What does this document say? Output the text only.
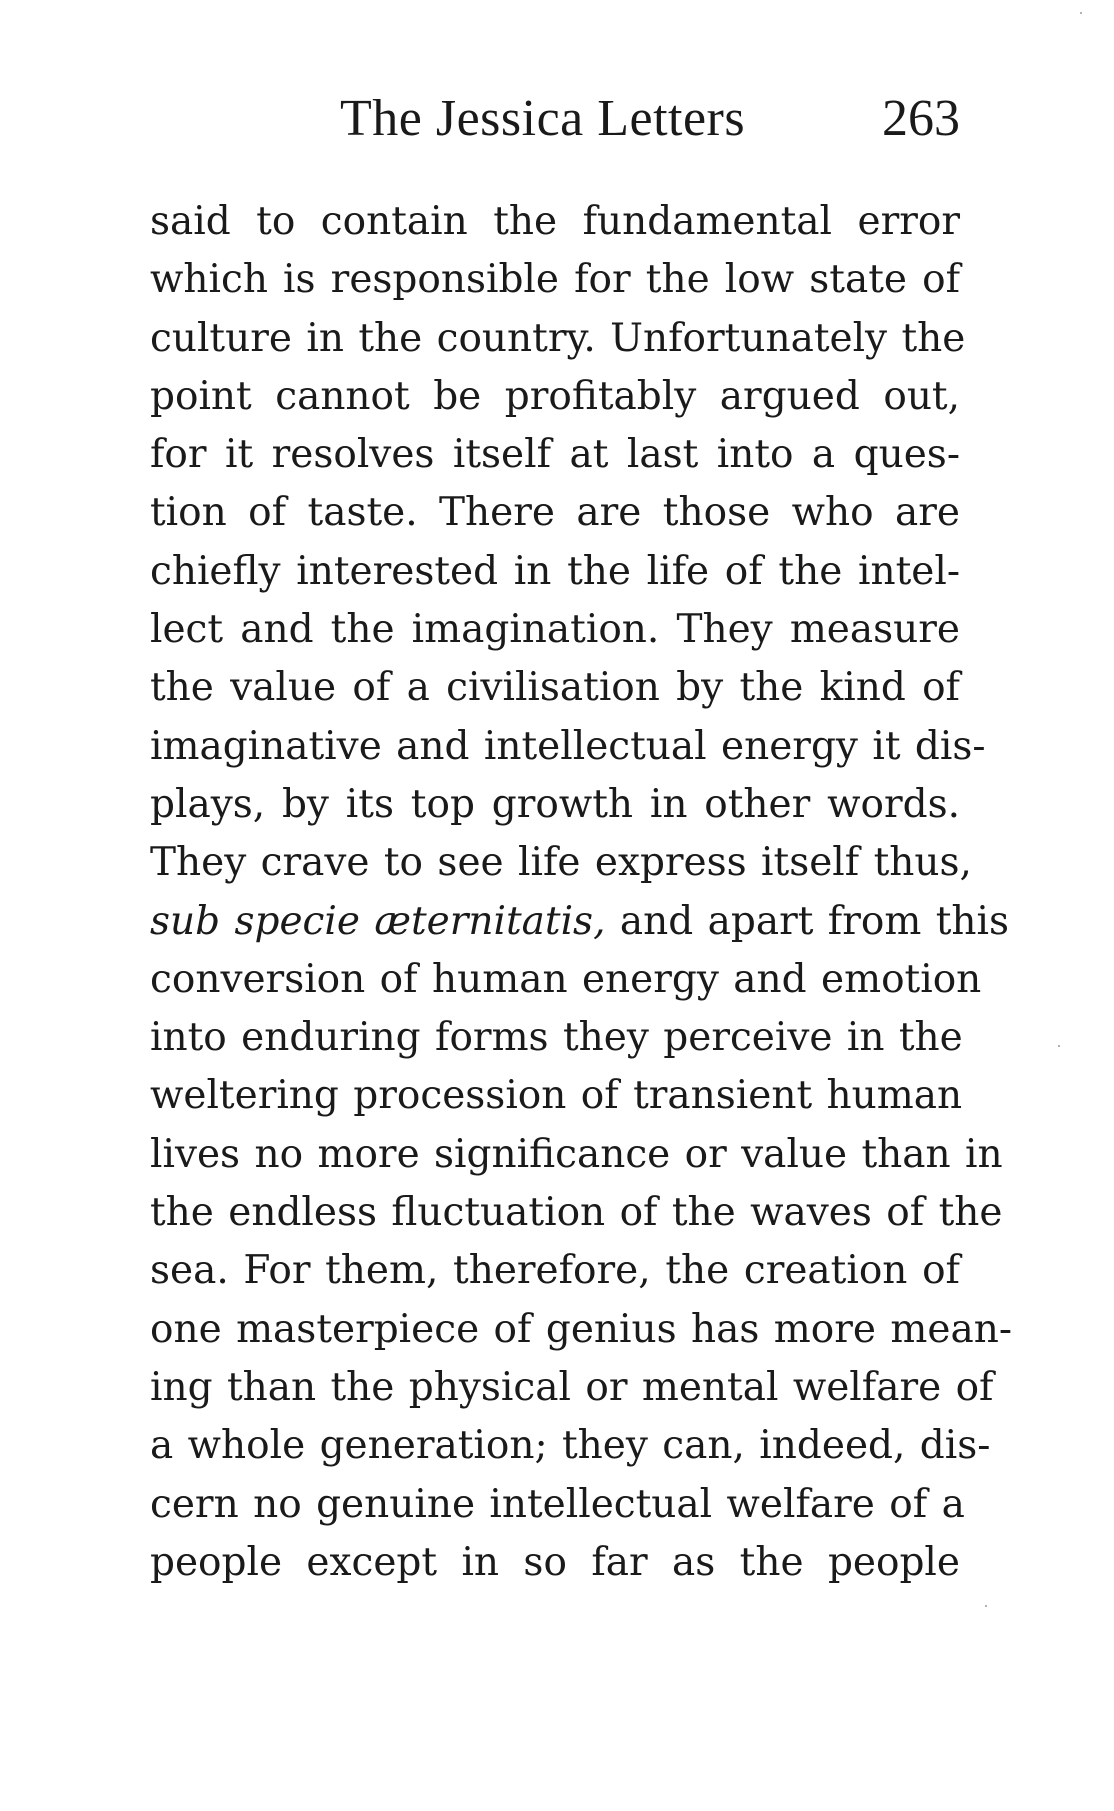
The Jessica Letters	263
said to contain the fundamental error
which is responsible for the low state of
culture in the country. Unfortunately the
point cannot be profitably argued out,
for it resolves itself at last into a ques-
tion of taste. There are those who are
chiefly interested in the life of the intel-
lect and the imagination. They measure
the value of a civilisation by the kind of
imaginative and intellectual energy it dis-
plays, by its top growth in other words.
They crave to see life express itself thus,
sub specie æternitatis, and apart from this
conversion of human energy and emotion
into enduring forms they perceive in the
weltering procession of transient human
lives no more significance or value than in
the endless fluctuation of the waves of the
sea. For them, therefore, the creation of
one masterpiece of genius has more mean-
ing than the physical or mental welfare of
a whole generation; they can, indeed, dis-
cern no genuine intellectual welfare of a
people except in so far as the people
